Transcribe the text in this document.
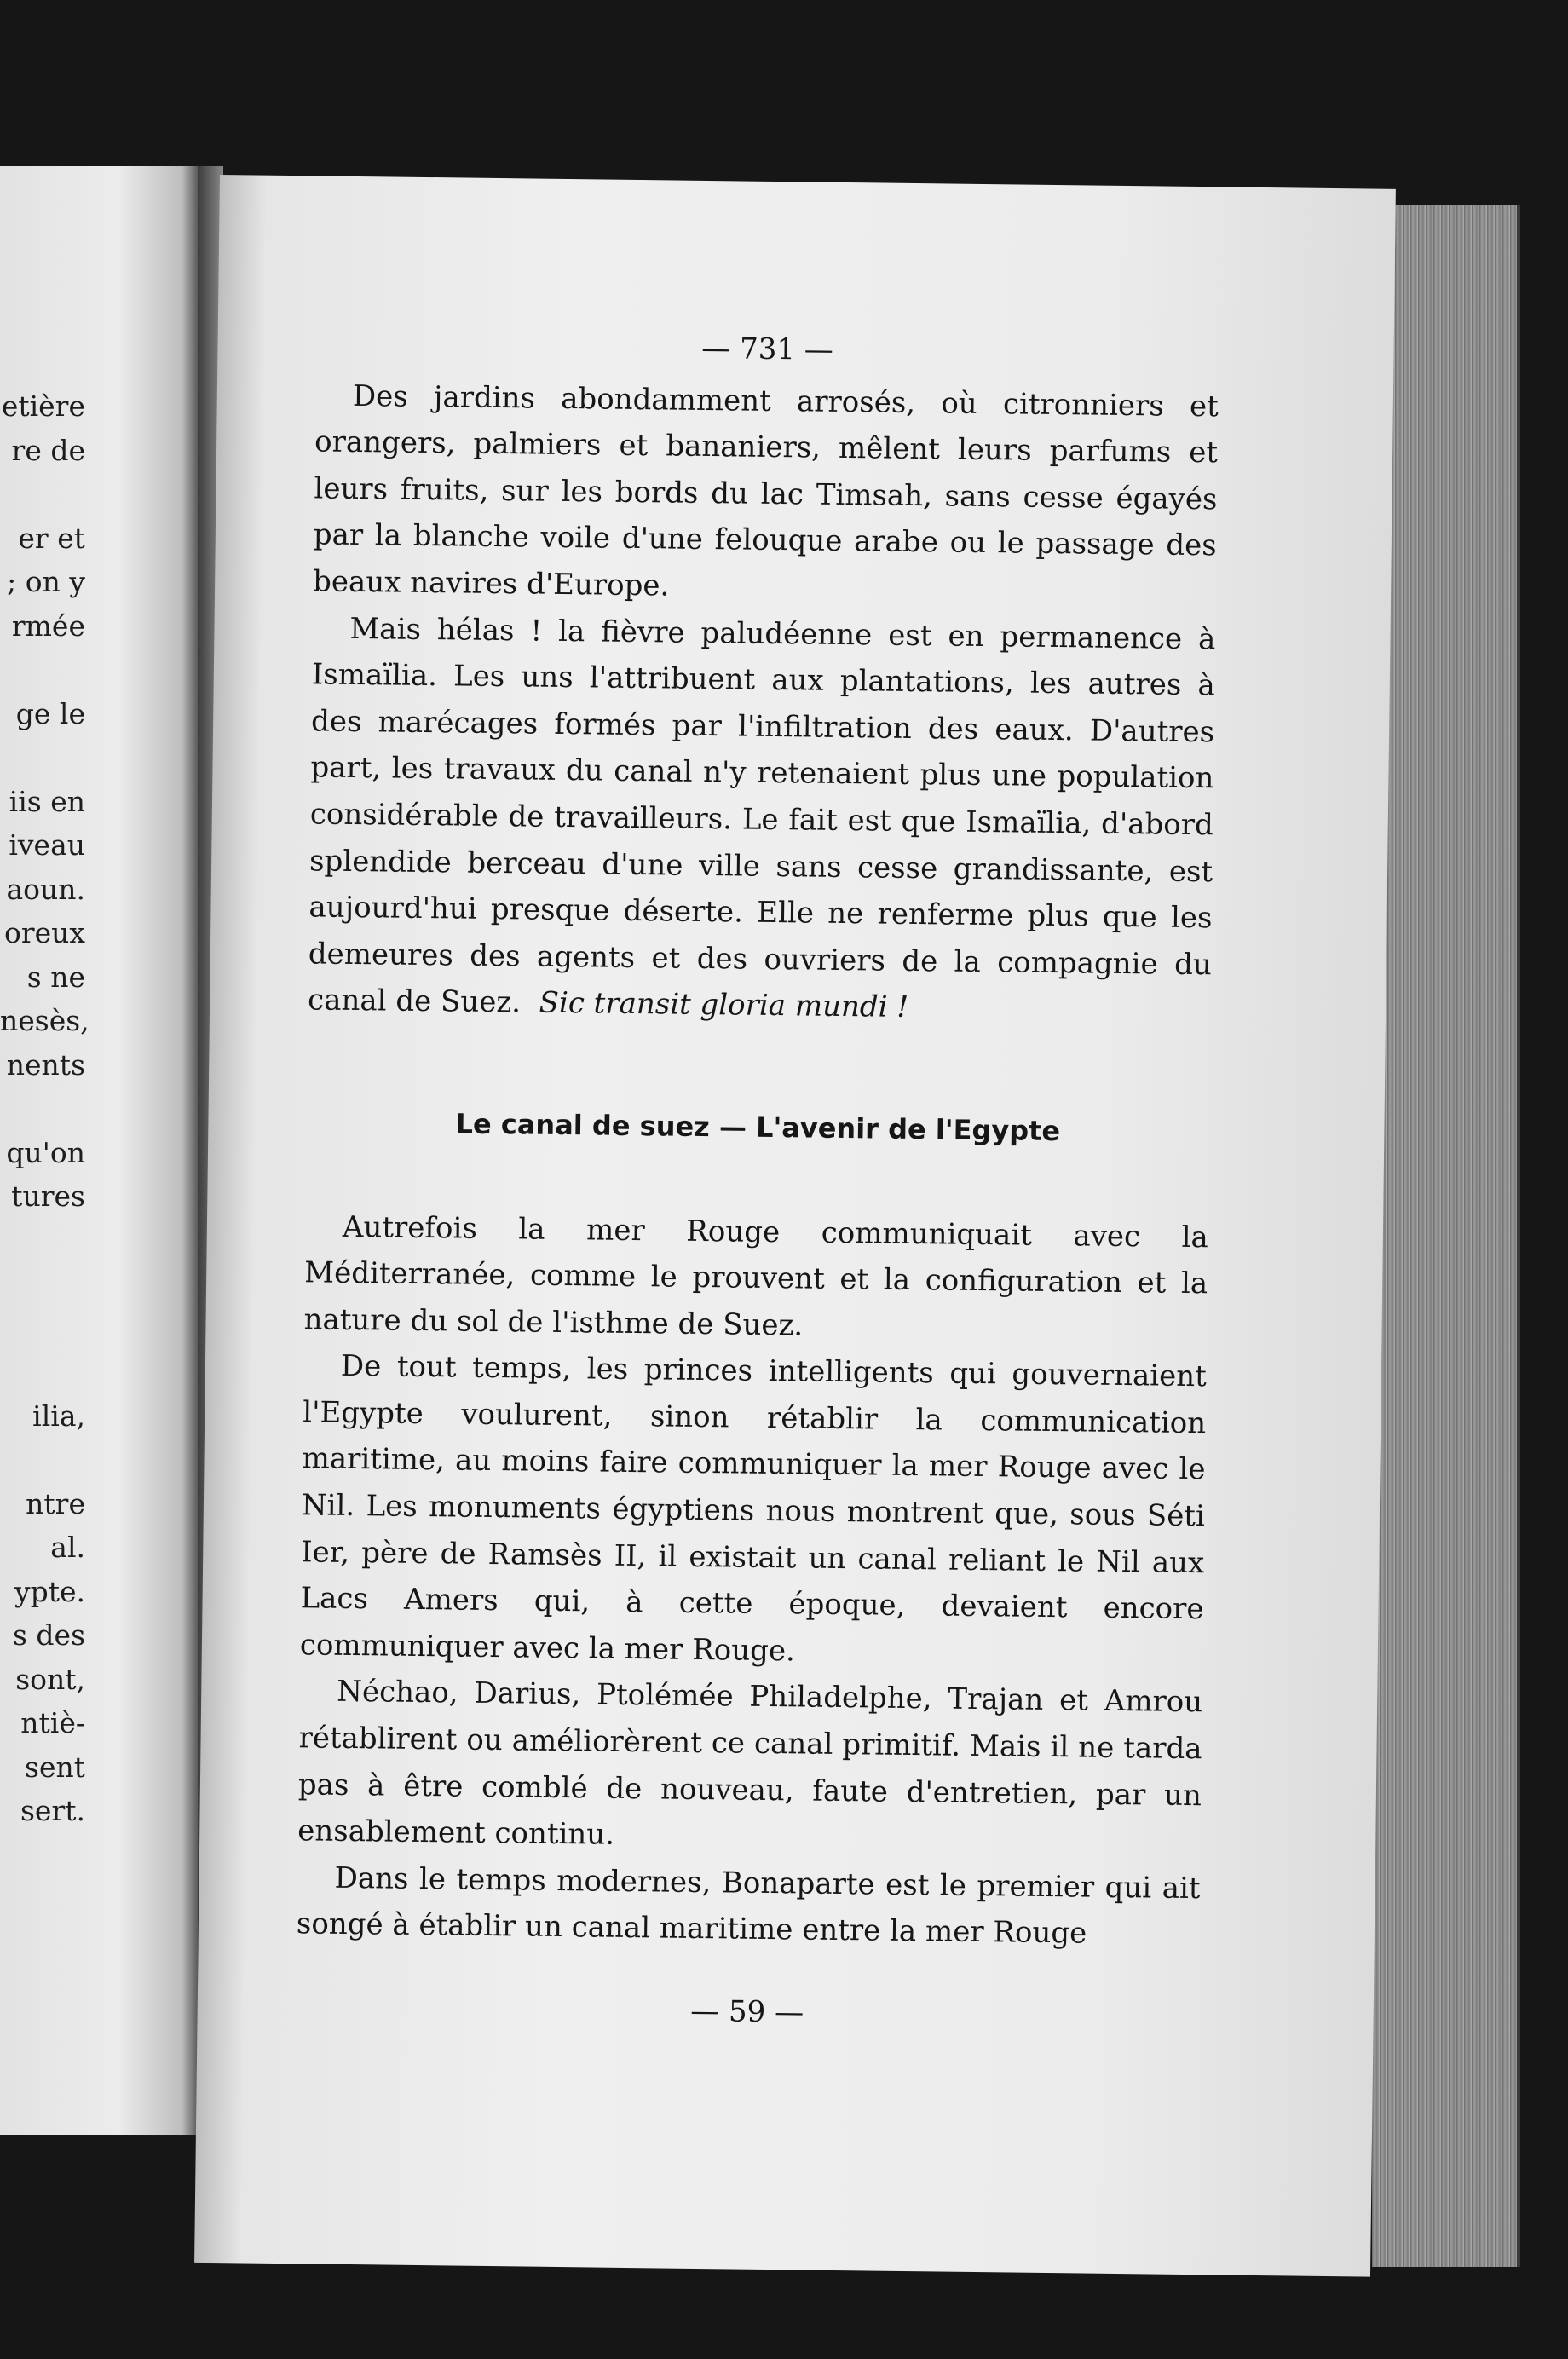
etière
re de
er et
; on y
rmée
ge le
iis en
iveau
aoun.
oreux
s ne
nesès,
nents
qu'on
tures
ilia,
ntre
al.
ypte.
s des
sont,
ntiè-
sent
sert.
— 731 —

Des jardins abondamment arrosés, où citronniers et orangers, palmiers et bananiers, mêlent leurs parfums et leurs fruits, sur les bords du lac Timsah, sans cesse égayés par la blanche voile d'une felouque arabe ou le passage des beaux navires d'Europe.

Mais hélas ! la fièvre paludéenne est en permanence à Ismaïlia. Les uns l'attribuent aux plantations, les autres à des marécages formés par l'infiltration des eaux. D'autres part, les travaux du canal n'y retenaient plus une population considérable de travailleurs. Le fait est que Ismaïlia, d'abord splendide berceau d'une ville sans cesse grandissante, est aujourd'hui presque déserte. Elle ne renferme plus que les demeures des agents et des ouvriers de la compagnie du canal de Suez. Sic transit gloria mundi !

Le canal de suez — L'avenir de l'Egypte

Autrefois la mer Rouge communiquait avec la Méditerranée, comme le prouvent et la configuration et la nature du sol de l'isthme de Suez.

De tout temps, les princes intelligents qui gouvernaient l'Egypte voulurent, sinon rétablir la communication maritime, au moins faire communiquer la mer Rouge avec le Nil. Les monuments égyptiens nous montrent que, sous Séti Ier, père de Ramsès II, il existait un canal reliant le Nil aux Lacs Amers qui, à cette époque, devaient encore communiquer avec la mer Rouge.

Néchao, Darius, Ptolémée Philadelphe, Trajan et Amrou rétablirent ou améliorèrent ce canal primitif. Mais il ne tarda pas à être comblé de nouveau, faute d'entretien, par un ensablement continu.

Dans le temps modernes, Bonaparte est le premier qui ait songé à établir un canal maritime entre la mer Rouge

— 59 —
